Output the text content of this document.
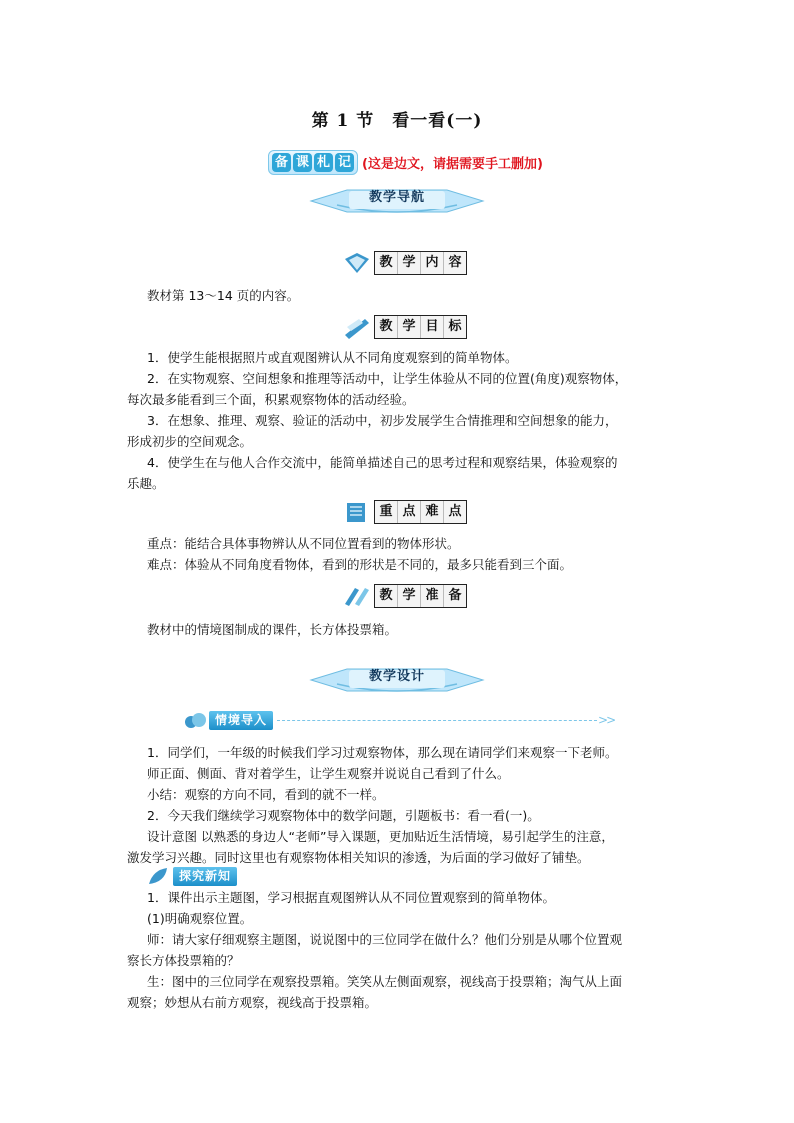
第 1 节 看一看(一)
备 课 札 记 (这是边文，请据需要手工删加)
教学导航
教 学 内 容

教材第 13～14 页的内容。

教 学 目 标

1．使学生能根据照片或直观图辨认从不同角度观察到的简单物体。

2．在实物观察、空间想象和推理等活动中，让学生体验从不同的位置(角度)观察物体，
每次最多能看到三个面，积累观察物体的活动经验。

3．在想象、推理、观察、验证的活动中，初步发展学生合情推理和空间想象的能力，
形成初步的空间观念。

4．使学生在与他人合作交流中，能简单描述自己的思考过程和观察结果，体验观察的
乐趣。

重 点 难 点

重点：能结合具体事物辨认从不同位置看到的物体形状。

难点：体验从不同角度看物体，看到的形状是不同的，最多只能看到三个面。

教 学 准 备

教材中的情境图制成的课件，长方体投票箱。

教学设计
情境导入	>>

1．同学们，一年级的时候我们学习过观察物体，那么现在请同学们来观察一下老师。

师正面、侧面、背对着学生，让学生观察并说说自己看到了什么。

小结：观察的方向不同，看到的就不一样。

2．今天我们继续学习观察物体中的数学问题，引题板书：看一看(一)。

设计意图 以熟悉的身边人“老师”导入课题，更加贴近生活情境，易引起学生的注意，
激发学习兴趣。同时这里也有观察物体相关知识的渗透，为后面的学习做好了铺垫。

探究新知

1．课件出示主题图，学习根据直观图辨认从不同位置观察到的简单物体。

(1)明确观察位置。

师：请大家仔细观察主题图，说说图中的三位同学在做什么？他们分别是从哪个位置观
察长方体投票箱的？

生：图中的三位同学在观察投票箱。笑笑从左侧面观察，视线高于投票箱；淘气从上面
观察；妙想从右前方观察，视线高于投票箱。
